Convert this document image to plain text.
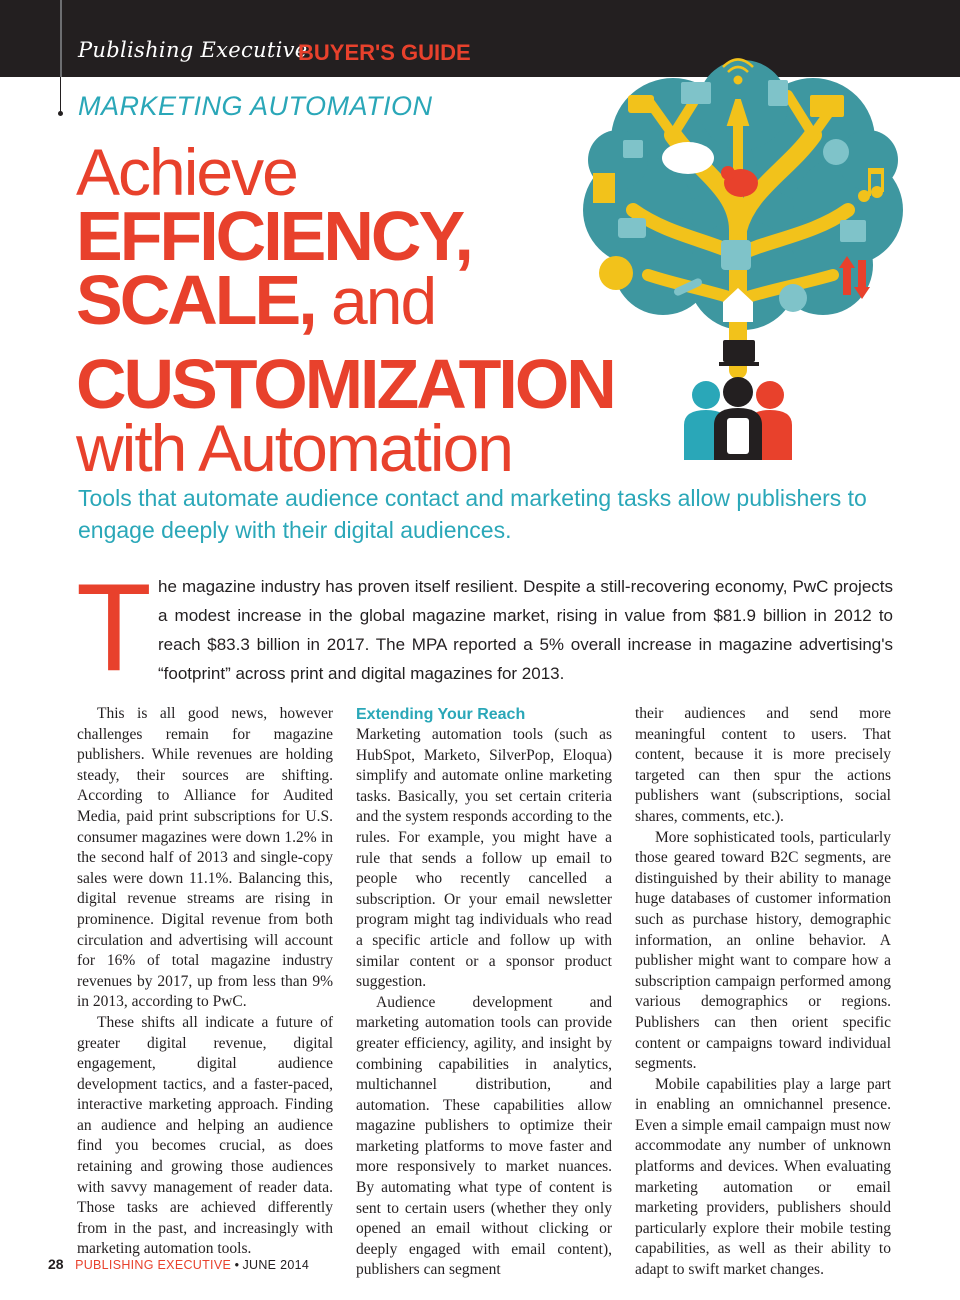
Publishing Executive
BUYER'S GUIDE
MARKETING AUTOMATION
Achieve
EFFICIENCY,
SCALE, and
CUSTOMIZATION
with Automation
Tools that automate audience contact and marketing tasks allow publishers to engage deeply with their digital audiences.
T he magazine industry has proven itself resilient. Despite a still-recovering economy, PwC projects a modest increase in the global magazine market, rising in value from $81.9 billion in 2012 to reach $83.3 billion in 2017. The MPA reported a 5% overall increase in magazine advertising's “footprint” across print and digital magazines for 2013.

This is all good news, however challenges remain for magazine publishers. While revenues are holding steady, their sources are shifting. According to Alliance for Audited Media, paid print subscriptions for U.S. consumer magazines were down 1.2% in the second half of 2013 and single-copy sales were down 11.1%. Balancing this, digital revenue streams are rising in prominence. Digital revenue from both circulation and advertising will account for 16% of total magazine industry revenues by 2017, up from less than 9% in 2013, according to PwC.

These shifts all indicate a future of greater digital revenue, digital engagement, digital audience development tactics, and a faster-paced, interactive marketing approach. Finding an audience and helping an audience find you becomes crucial, as does retaining and growing those audiences with savvy management of reader data. Those tasks are achieved differently from in the past, and increasingly with marketing automation tools.

Extending Your Reach

Marketing automation tools (such as HubSpot, Marketo, SilverPop, Eloqua) simplify and automate online marketing tasks. Basically, you set certain criteria and the system responds according to the rules. For example, you might have a rule that sends a follow up email to people who recently cancelled a subscription. Or your email newsletter program might tag individuals who read a specific article and follow up with similar content or a sponsor product suggestion.

Audience development and marketing automation tools can provide greater efficiency, agility, and insight by combining capabilities in analytics, multichannel distribution, and automation. These capabilities allow magazine publishers to optimize their marketing platforms to move faster and more responsively to market nuances. By automating what type of content is sent to certain users (whether they only opened an email without clicking or deeply engaged with email content), publishers can segment

their audiences and send more meaningful content to users. That content, because it is more precisely targeted can then spur the actions publishers want (subscriptions, social shares, comments, etc.).

More sophisticated tools, particularly those geared toward B2C segments, are distinguished by their ability to manage huge databases of customer information such as purchase history, demographic information, an online behavior. A publisher might want to compare how a subscription campaign performed among various demographics or regions. Publishers can then orient specific content or campaigns toward individual segments.

Mobile capabilities play a large part in enabling an omnichannel presence. Even a simple email campaign must now accommodate any number of unknown platforms and devices. When evaluating marketing automation or email marketing providers, publishers should particularly explore their mobile testing capabilities, as well as their ability to adapt to swift market changes.

28 PUBLISHING EXECUTIVE • JUNE 2014
